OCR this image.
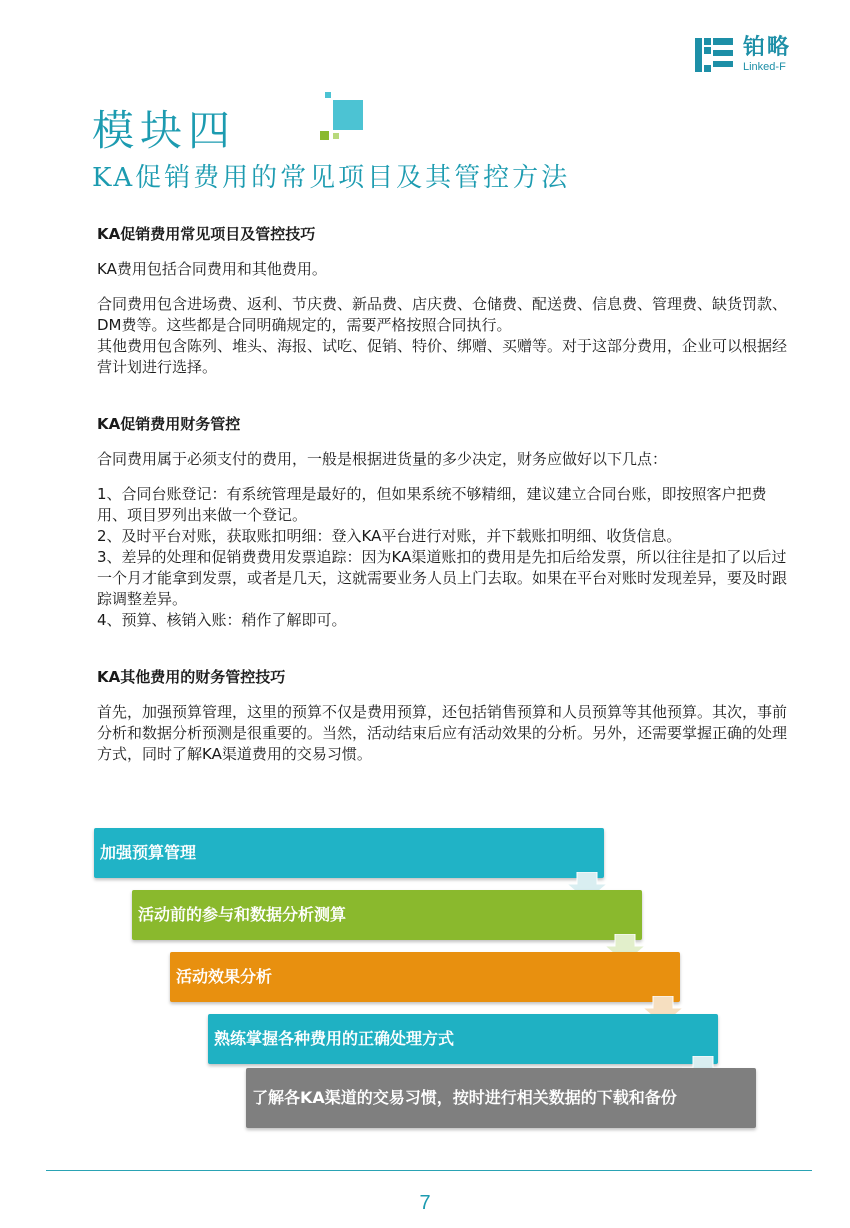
铂略
Linked-F
模块四
KA促销费用的常见项目及其管控方法
KA促销费用常见项目及管控技巧

KA费用包括合同费用和其他费用。

合同费用包含进场费、返利、节庆费、新品费、店庆费、仓储费、配送费、信息费、管理费、缺货罚款、DM费等。这些都是合同明确规定的，需要严格按照合同执行。

其他费用包含陈列、堆头、海报、试吃、促销、特价、绑赠、买赠等。对于这部分费用，企业可以根据经营计划进行选择。

KA促销费用财务管控

合同费用属于必须支付的费用，一般是根据进货量的多少决定，财务应做好以下几点：

1、合同台账登记：有系统管理是最好的，但如果系统不够精细，建议建立合同台账，即按照客户把费用、项目罗列出来做一个登记。

2、及时平台对账，获取账扣明细：登入KA平台进行对账，并下载账扣明细、收货信息。

3、差异的处理和促销费费用发票追踪：因为KA渠道账扣的费用是先扣后给发票，所以往往是扣了以后过一个月才能拿到发票，或者是几天，这就需要业务人员上门去取。如果在平台对账时发现差异，要及时跟踪调整差异。

4、预算、核销入账：稍作了解即可。

KA其他费用的财务管控技巧

首先，加强预算管理，这里的预算不仅是费用预算，还包括销售预算和人员预算等其他预算。其次，事前分析和数据分析预测是很重要的。当然，活动结束后应有活动效果的分析。另外，还需要掌握正确的处理方式，同时了解KA渠道费用的交易习惯。

加强预算管理
活动前的参与和数据分析测算
活动效果分析
熟练掌握各种费用的正确处理方式
了解各KA渠道的交易习惯，按时进行相关数据的下载和备份
7
